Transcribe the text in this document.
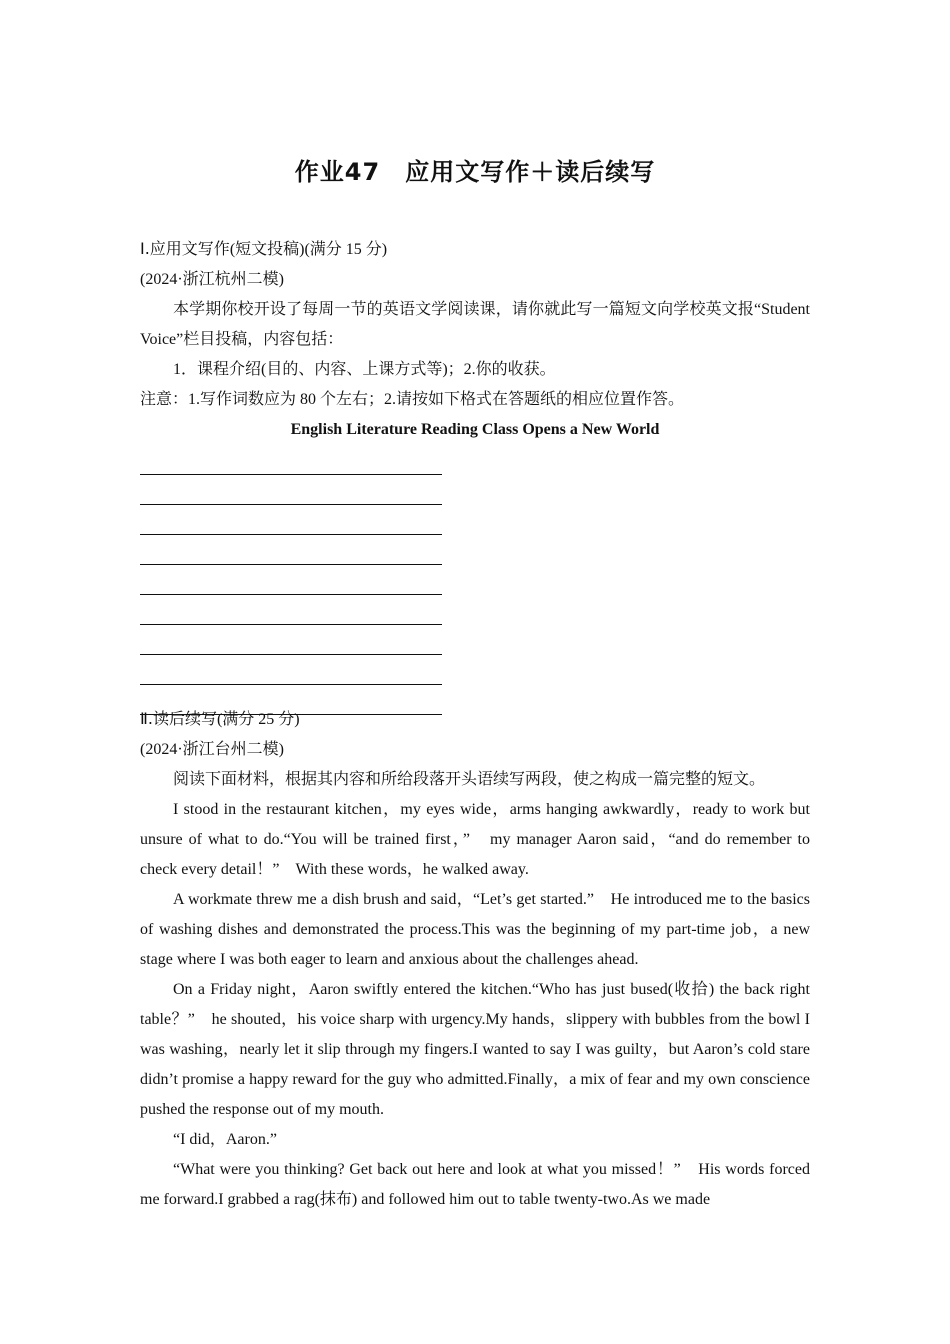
作业47　应用文写作＋读后续写
Ⅰ.应用文写作(短文投稿)(满分 15 分)
(2024·浙江杭州二模)
本学期你校开设了每周一节的英语文学阅读课，请你就此写一篇短文向学校英文报“Student Voice”栏目投稿，内容包括：
1．课程介绍(目的、内容、上课方式等)；2.你的收获。
注意：1.写作词数应为 80 个左右；2.请按如下格式在答题纸的相应位置作答。
English Literature Reading Class Opens a New World
Ⅱ.读后续写(满分 25 分)
(2024·浙江台州二模)
阅读下面材料，根据其内容和所给段落开头语续写两段，使之构成一篇完整的短文。
I stood in the restaurant kitchen，my eyes wide，arms hanging awkwardly，ready to work but unsure of what to do.“You will be trained first，”　my manager Aaron said，“and do remember to check every detail！”　With these words，he walked away.
A workmate threw me a dish brush and said，“Let’s get started.”　He introduced me to the basics of washing dishes and demonstrated the process.This was the beginning of my part-time job，a new stage where I was both eager to learn and anxious about the challenges ahead.
On a Friday night，Aaron swiftly entered the kitchen.“Who has just bused(收拾) the back right table？”　he shouted，his voice sharp with urgency.My hands，slippery with bubbles from the bowl I was washing，nearly let it slip through my fingers.I wanted to say I was guilty，but Aaron’s cold stare didn’t promise a happy reward for the guy who admitted.Finally，a mix of fear and my own conscience pushed the response out of my mouth.
“I did，Aaron.”
“What were you thinking? Get back out here and look at what you missed！”　His words forced me forward.I grabbed a rag(抹布) and followed him out to table twenty-two.As we made
